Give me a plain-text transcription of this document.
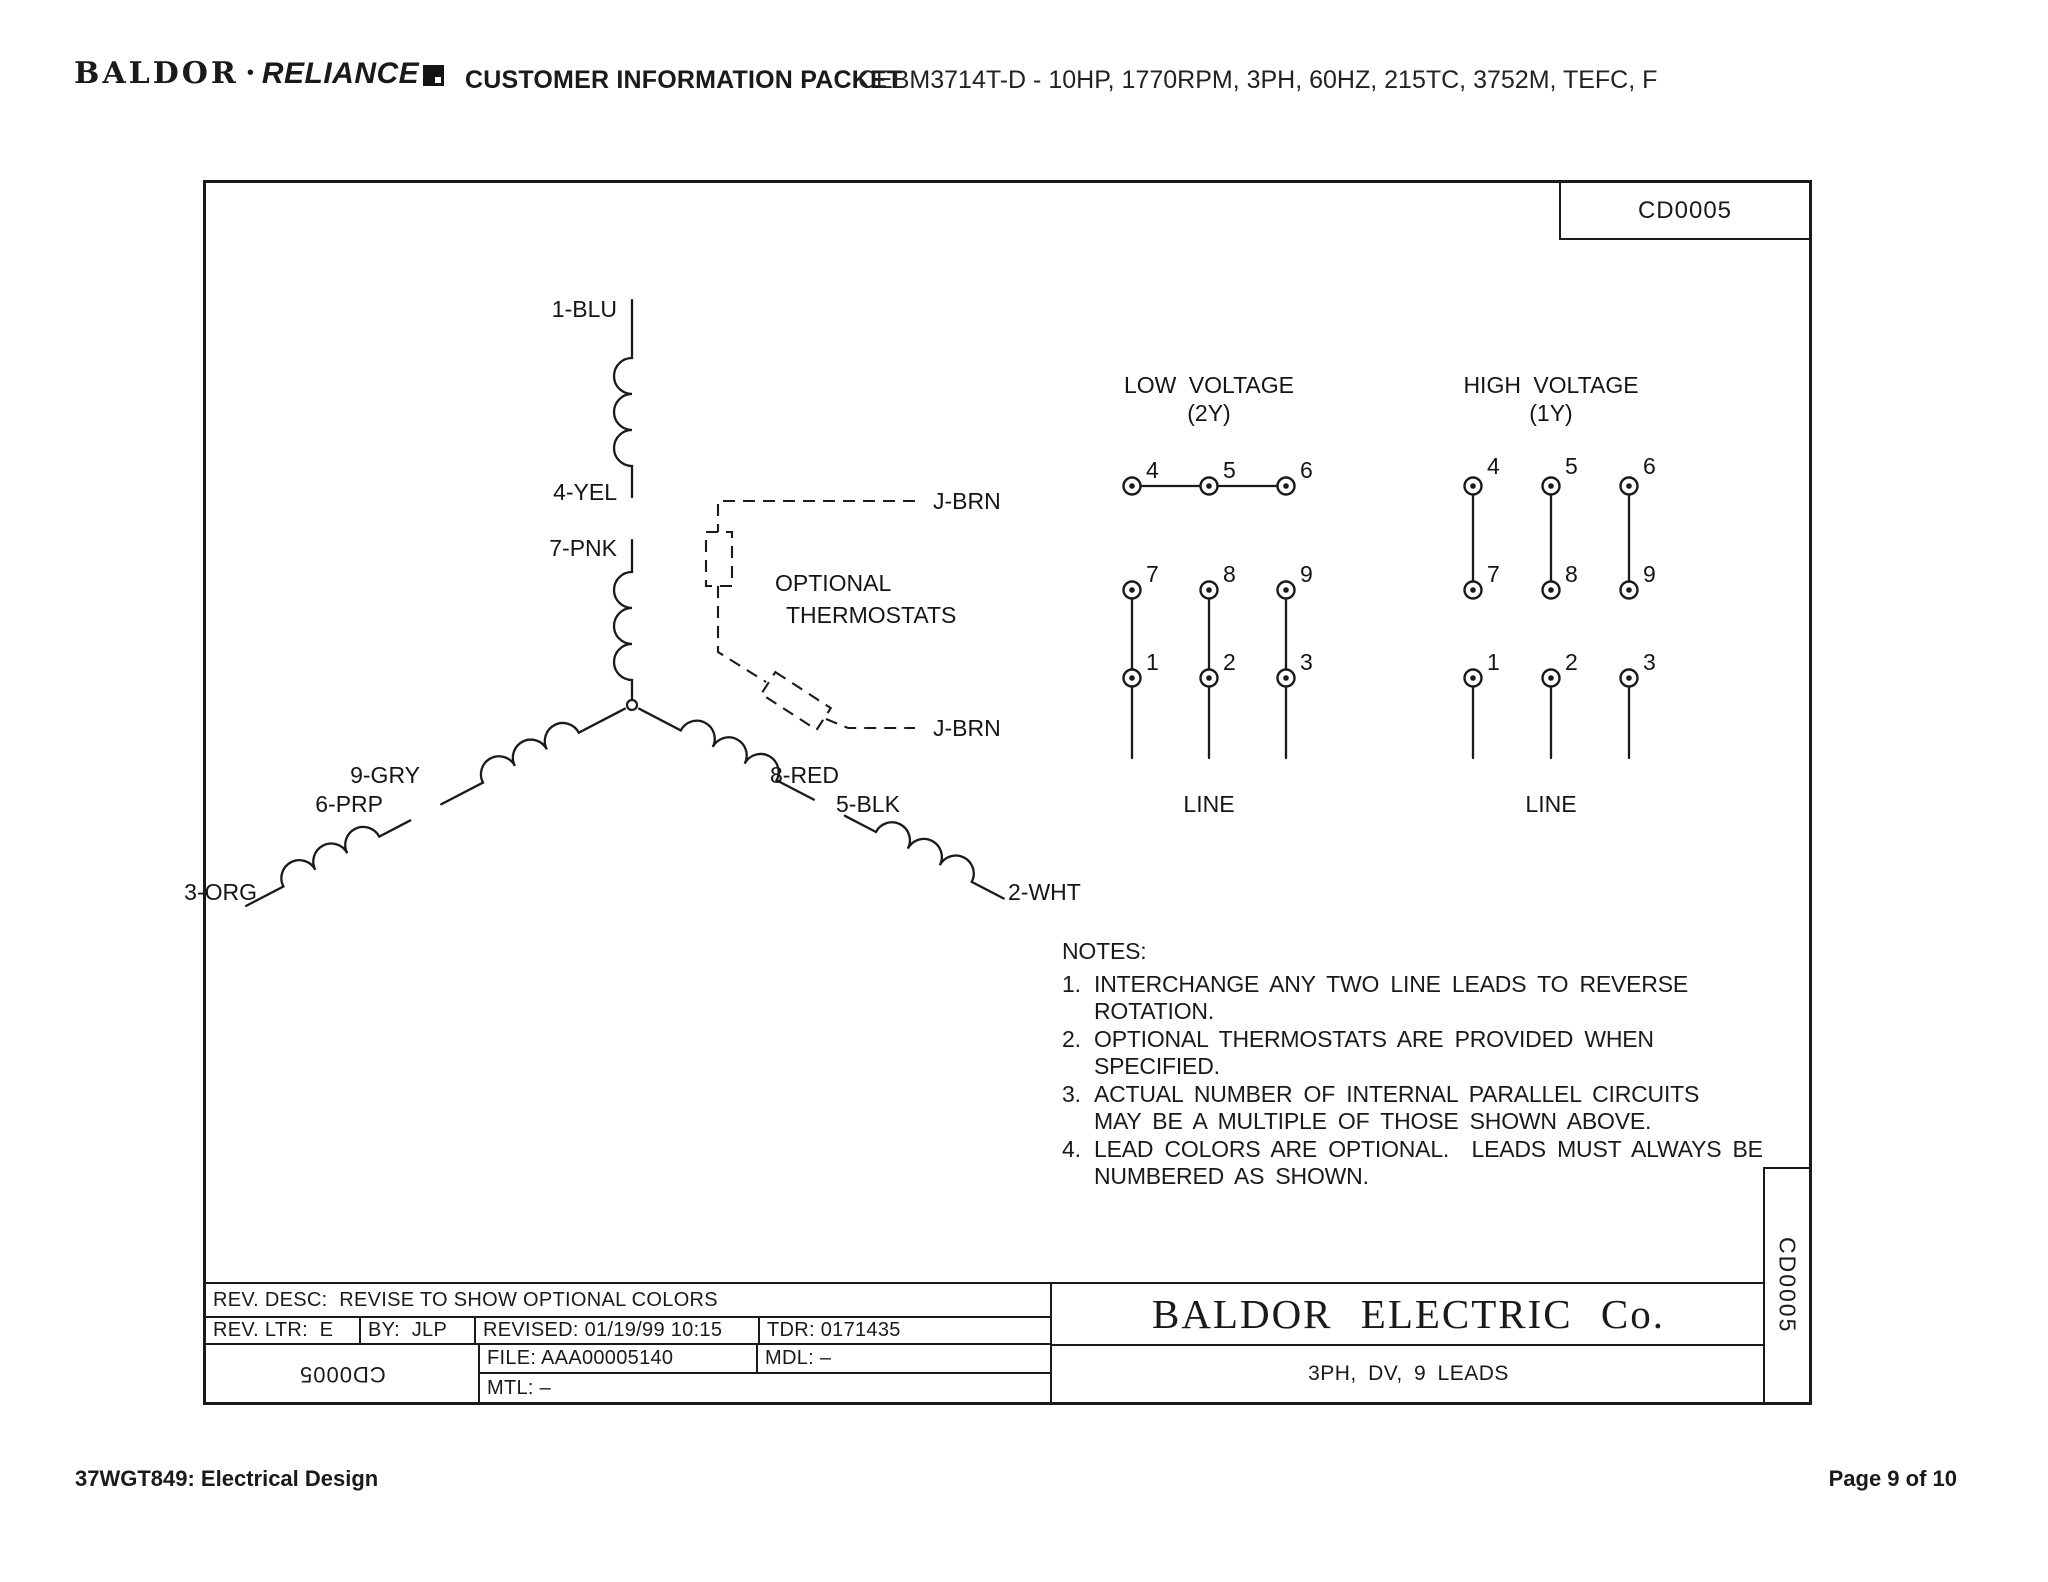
BALDOR • RELIANCE CUSTOMER INFORMATION PACKET
CEBM3714T-D - 10HP, 1770RPM, 3PH, 60HZ, 215TC, 3752M, TEFC, F
1-BLU
4-YEL
7-PNK
9-GRY
6-PRP
3-ORG
8-RED
5-BLK
2-WHT
J-BRN
J-BRN
OPTIONAL
THERMOSTATS
LOW VOLTAGE
(2Y)
4	5	6
7	8	9
1	2	3
LINE
HIGH VOLTAGE
(1Y)
4	5	6
7	8	9
1	2	3
LINE
CD0005
CD0005
REV. DESC:  REVISE TO SHOW OPTIONAL COLORS
REV. LTR:  E	BY:  JLP	REVISED: 01/19/99 10:15	TDR: 0171435
CD0005
FILE: AAA00005140	MDL: –
MTL: –
BALDOR ELECTRIC Co.
3PH, DV, 9 LEADS
NOTES:
1. INTERCHANGE ANY TWO LINE LEADS TO REVERSE
ROTATION.
2. OPTIONAL THERMOSTATS ARE PROVIDED WHEN
SPECIFIED.
3. ACTUAL NUMBER OF INTERNAL PARALLEL CIRCUITS
MAY BE A MULTIPLE OF THOSE SHOWN ABOVE.
4. LEAD COLORS ARE OPTIONAL.  LEADS MUST ALWAYS BE
NUMBERED AS SHOWN.
37WGT849: Electrical Design	Page 9 of 10
